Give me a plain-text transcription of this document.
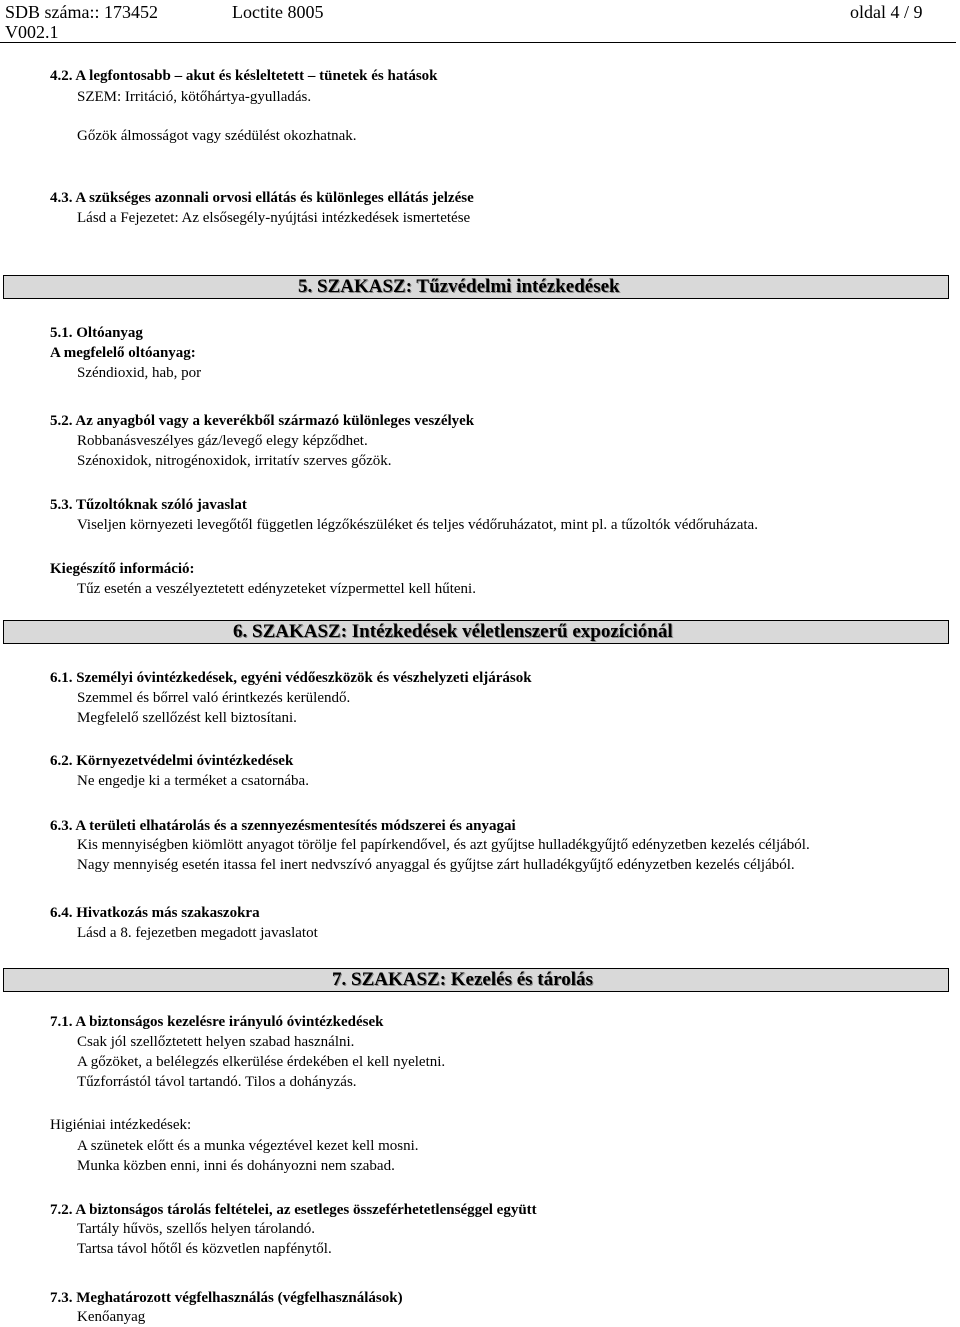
SDB száma:: 173452	Loctite 8005	oldal 4 / 9
V002.1
4.2. A legfontosabb – akut és késleltetett – tünetek és hatások
SZEM: Irritáció, kötőhártya-gyulladás.
Gőzök álmosságot vagy szédülést okozhatnak.
4.3. A szükséges azonnali orvosi ellátás és különleges ellátás jelzése
Lásd a Fejezetet: Az elsősegély-nyújtási intézkedések ismertetése
5. SZAKASZ: Tűzvédelmi intézkedések
5.1. Oltóanyag
A megfelelő oltóanyag:
Széndioxid, hab, por
5.2. Az anyagból vagy a keverékből származó különleges veszélyek
Robbanásveszélyes gáz/levegő elegy képződhet.
Szénoxidok, nitrogénoxidok, irritatív szerves gőzök.
5.3. Tűzoltóknak szóló javaslat
Viseljen környezeti levegőtől független légzőkészüléket és teljes védőruházatot, mint pl. a tűzoltók védőruházata.
Kiegészítő információ:
Tűz esetén a veszélyeztetett edényzeteket vízpermettel kell hűteni.
6. SZAKASZ: Intézkedések véletlenszerű expozíciónál
6.1. Személyi óvintézkedések, egyéni védőeszközök és vészhelyzeti eljárások
Szemmel és bőrrel való érintkezés kerülendő.
Megfelelő szellőzést kell biztosítani.
6.2. Környezetvédelmi óvintézkedések
Ne engedje ki a terméket a csatornába.
6.3. A területi elhatárolás és a szennyezésmentesítés módszerei és anyagai
Kis mennyiségben kiömlött anyagot törölje fel papírkendővel, és azt gyűjtse hulladékgyűjtő edényzetben kezelés céljából.
Nagy mennyiség esetén itassa fel inert nedvszívó anyaggal és gyűjtse zárt hulladékgyűjtő edényzetben kezelés céljából.
6.4. Hivatkozás más szakaszokra
Lásd a 8. fejezetben megadott javaslatot
7. SZAKASZ: Kezelés és tárolás
7.1. A biztonságos kezelésre irányuló óvintézkedések
Csak jól szellőztetett helyen szabad használni.
A gőzöket, a belélegzés elkerülése érdekében el kell nyeletni.
Tűzforrástól távol tartandó. Tilos a dohányzás.
Higiéniai intézkedések:
A szünetek előtt és a munka végeztével kezet kell mosni.
Munka közben enni, inni és dohányozni nem szabad.
7.2. A biztonságos tárolás feltételei, az esetleges összeférhetetlenséggel együtt
Tartály hűvös, szellős helyen tárolandó.
Tartsa távol hőtől és közvetlen napfénytől.
7.3. Meghatározott végfelhasználás (végfelhasználások)
Kenőanyag
